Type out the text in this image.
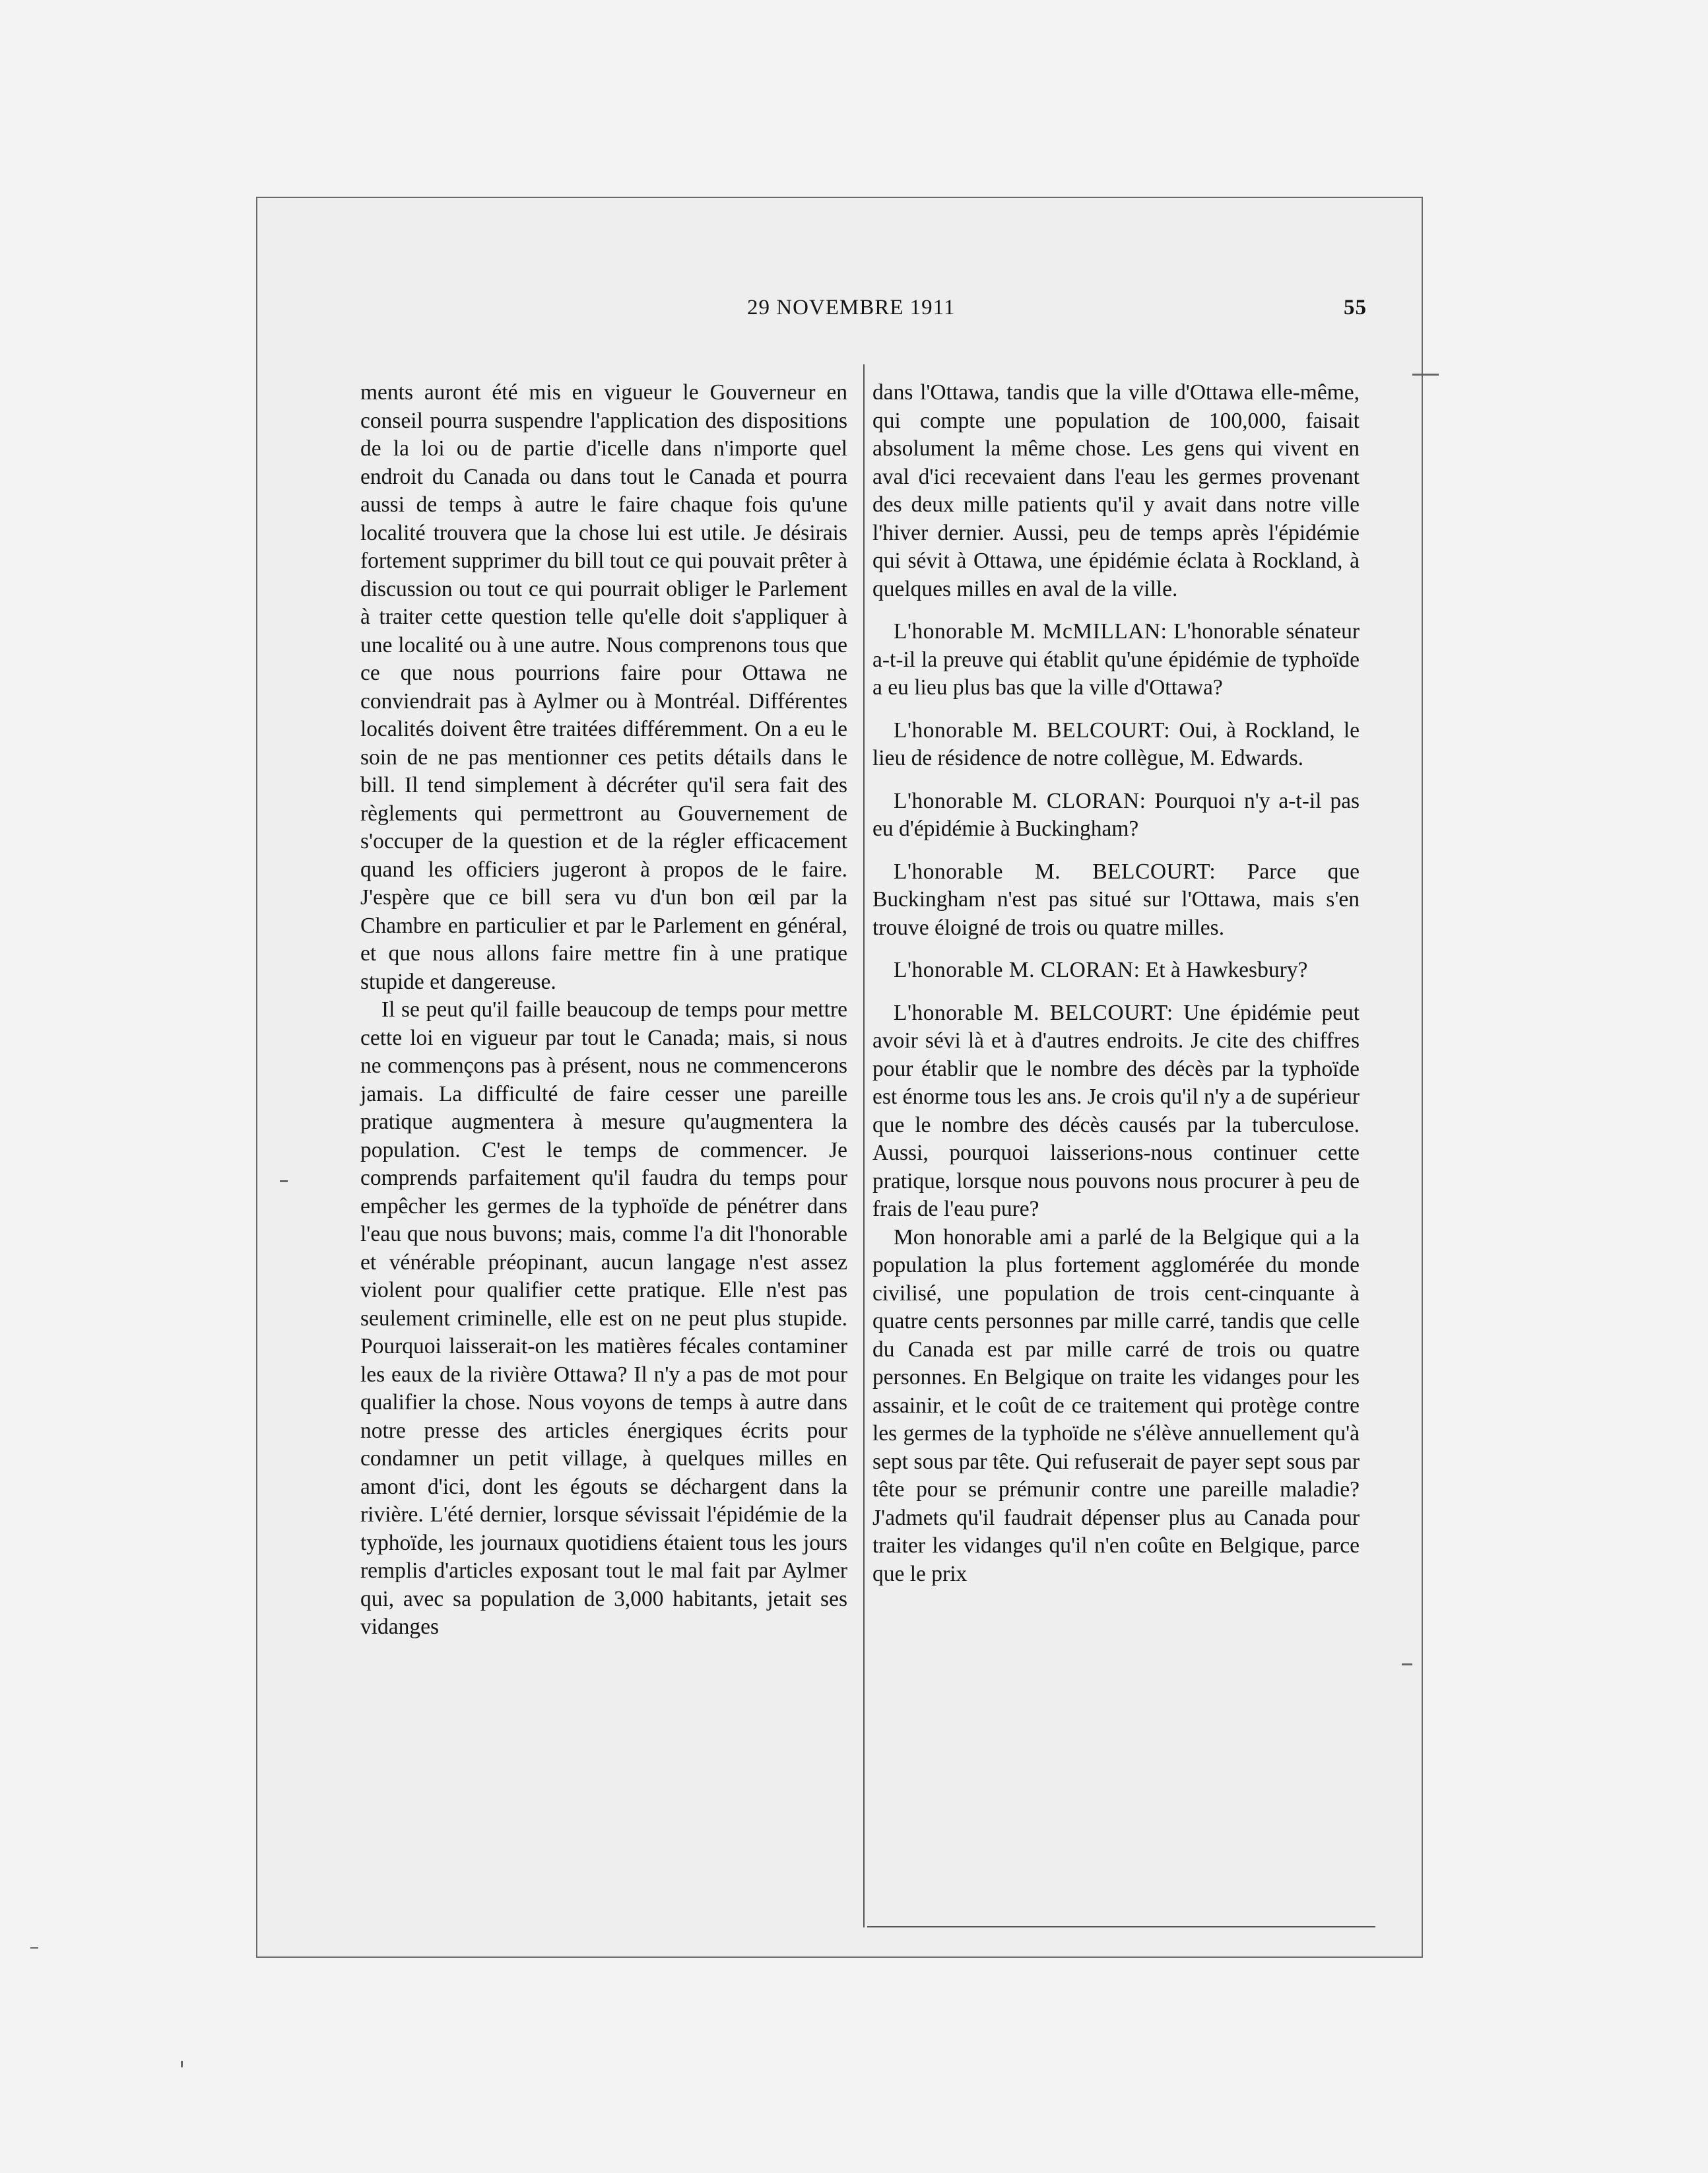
29 NOVEMBRE 1911	55

ments auront été mis en vigueur le Gouverneur en conseil pourra suspendre l'application des dispositions de la loi ou de partie d'icelle dans n'importe quel endroit du Canada ou dans tout le Canada et pourra aussi de temps à autre le faire chaque fois qu'une localité trouvera que la chose lui est utile. Je désirais fortement supprimer du bill tout ce qui pouvait prêter à discussion ou tout ce qui pourrait obliger le Parlement à traiter cette question telle qu'elle doit s'appliquer à une localité ou à une autre. Nous comprenons tous que ce que nous pourrions faire pour Ottawa ne conviendrait pas à Aylmer ou à Montréal. Différentes localités doivent être traitées différemment. On a eu le soin de ne pas mentionner ces petits détails dans le bill. Il tend simplement à décréter qu'il sera fait des règlements qui permettront au Gouvernement de s'occuper de la question et de la régler efficacement quand les officiers jugeront à propos de le faire. J'espère que ce bill sera vu d'un bon œil par la Chambre en particulier et par le Parlement en général, et que nous allons faire mettre fin à une pratique stupide et dangereuse.

Il se peut qu'il faille beaucoup de temps pour mettre cette loi en vigueur par tout le Canada; mais, si nous ne commençons pas à présent, nous ne commencerons jamais. La difficulté de faire cesser une pareille pratique augmentera à mesure qu'augmentera la population. C'est le temps de commencer. Je comprends parfaitement qu'il faudra du temps pour empêcher les germes de la typhoïde de pénétrer dans l'eau que nous buvons; mais, comme l'a dit l'honorable et vénérable préopinant, aucun langage n'est assez violent pour qualifier cette pratique. Elle n'est pas seulement criminelle, elle est on ne peut plus stupide. Pourquoi laisserait-on les matières fécales contaminer les eaux de la rivière Ottawa? Il n'y a pas de mot pour qualifier la chose. Nous voyons de temps à autre dans notre presse des articles énergiques écrits pour condamner un petit village, à quelques milles en amont d'ici, dont les égouts se déchargent dans la rivière. L'été dernier, lorsque sévissait l'épidémie de la typhoïde, les journaux quotidiens étaient tous les jours remplis d'articles exposant tout le mal fait par Aylmer qui, avec sa population de 3,000 habitants, jetait ses vidanges

dans l'Ottawa, tandis que la ville d'Ottawa elle-même, qui compte une population de 100,000, faisait absolument la même chose. Les gens qui vivent en aval d'ici recevaient dans l'eau les germes provenant des deux mille patients qu'il y avait dans notre ville l'hiver dernier. Aussi, peu de temps après l'épidémie qui sévit à Ottawa, une épidémie éclata à Rockland, à quelques milles en aval de la ville.

L'honorable M. McMILLAN: L'honorable sénateur a-t-il la preuve qui établit qu'une épidémie de typhoïde a eu lieu plus bas que la ville d'Ottawa?

L'honorable M. BELCOURT: Oui, à Rockland, le lieu de résidence de notre collègue, M. Edwards.

L'honorable M. CLORAN: Pourquoi n'y a-t-il pas eu d'épidémie à Buckingham?

L'honorable M. BELCOURT: Parce que Buckingham n'est pas situé sur l'Ottawa, mais s'en trouve éloigné de trois ou quatre milles.

L'honorable M. CLORAN: Et à Hawkesbury?

L'honorable M. BELCOURT: Une épidémie peut avoir sévi là et à d'autres endroits. Je cite des chiffres pour établir que le nombre des décès par la typhoïde est énorme tous les ans. Je crois qu'il n'y a de supérieur que le nombre des décès causés par la tuberculose. Aussi, pourquoi laisserions-nous continuer cette pratique, lorsque nous pouvons nous procurer à peu de frais de l'eau pure?

Mon honorable ami a parlé de la Belgique qui a la population la plus fortement agglomérée du monde civilisé, une population de trois cent-cinquante à quatre cents personnes par mille carré, tandis que celle du Canada est par mille carré de trois ou quatre personnes. En Belgique on traite les vidanges pour les assainir, et le coût de ce traitement qui protège contre les germes de la typhoïde ne s'élève annuellement qu'à sept sous par tête. Qui refuserait de payer sept sous par tête pour se prémunir contre une pareille maladie? J'admets qu'il faudrait dépenser plus au Canada pour traiter les vidanges qu'il n'en coûte en Belgique, parce que le prix
